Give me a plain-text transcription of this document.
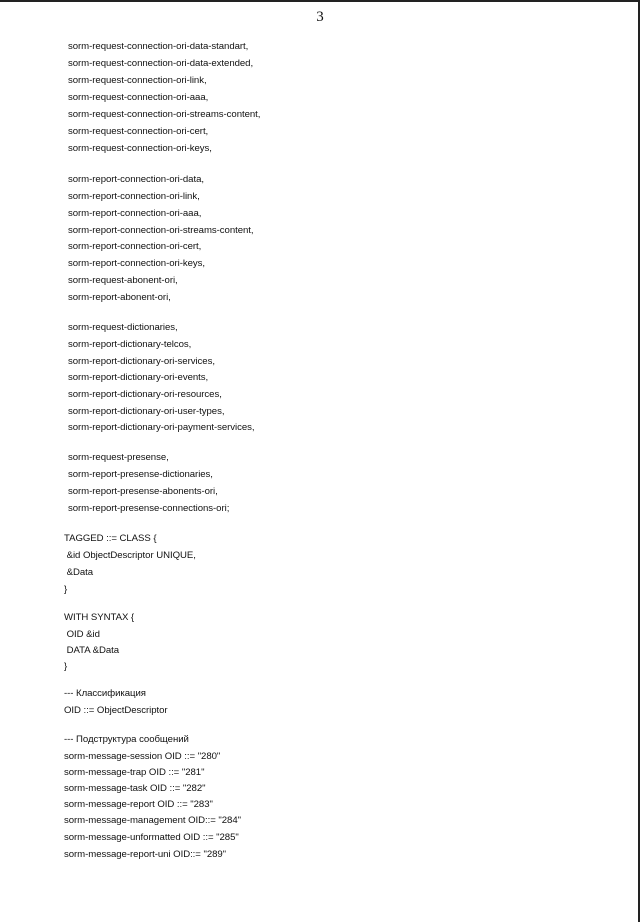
3
sorm-request-connection-ori-data-standart,
sorm-request-connection-ori-data-extended,
sorm-request-connection-ori-link,
sorm-request-connection-ori-aaa,
sorm-request-connection-ori-streams-content,
sorm-request-connection-ori-cert,
sorm-request-connection-ori-keys,
sorm-report-connection-ori-data,
sorm-report-connection-ori-link,
sorm-report-connection-ori-aaa,
sorm-report-connection-ori-streams-content,
sorm-report-connection-ori-cert,
sorm-report-connection-ori-keys,
sorm-request-abonent-ori,
sorm-report-abonent-ori,
sorm-request-dictionaries,
sorm-report-dictionary-telcos,
sorm-report-dictionary-ori-services,
sorm-report-dictionary-ori-events,
sorm-report-dictionary-ori-resources,
sorm-report-dictionary-ori-user-types,
sorm-report-dictionary-ori-payment-services,
sorm-request-presense,
sorm-report-presense-dictionaries,
sorm-report-presense-abonents-ori,
sorm-report-presense-connections-ori;
TAGGED ::= CLASS {
&id ObjectDescriptor UNIQUE,
&Data
}
WITH SYNTAX {
OID &id
DATA &Data
}
--- Классификация
OID ::= ObjectDescriptor
--- Подструктура сообщений
sorm-message-session OID ::= "280"
sorm-message-trap OID ::= "281"
sorm-message-task OID ::= "282"
sorm-message-report OID ::= "283"
sorm-message-management OID::= "284"
sorm-message-unformatted OID ::= "285"
sorm-message-report-uni OID::= "289"
